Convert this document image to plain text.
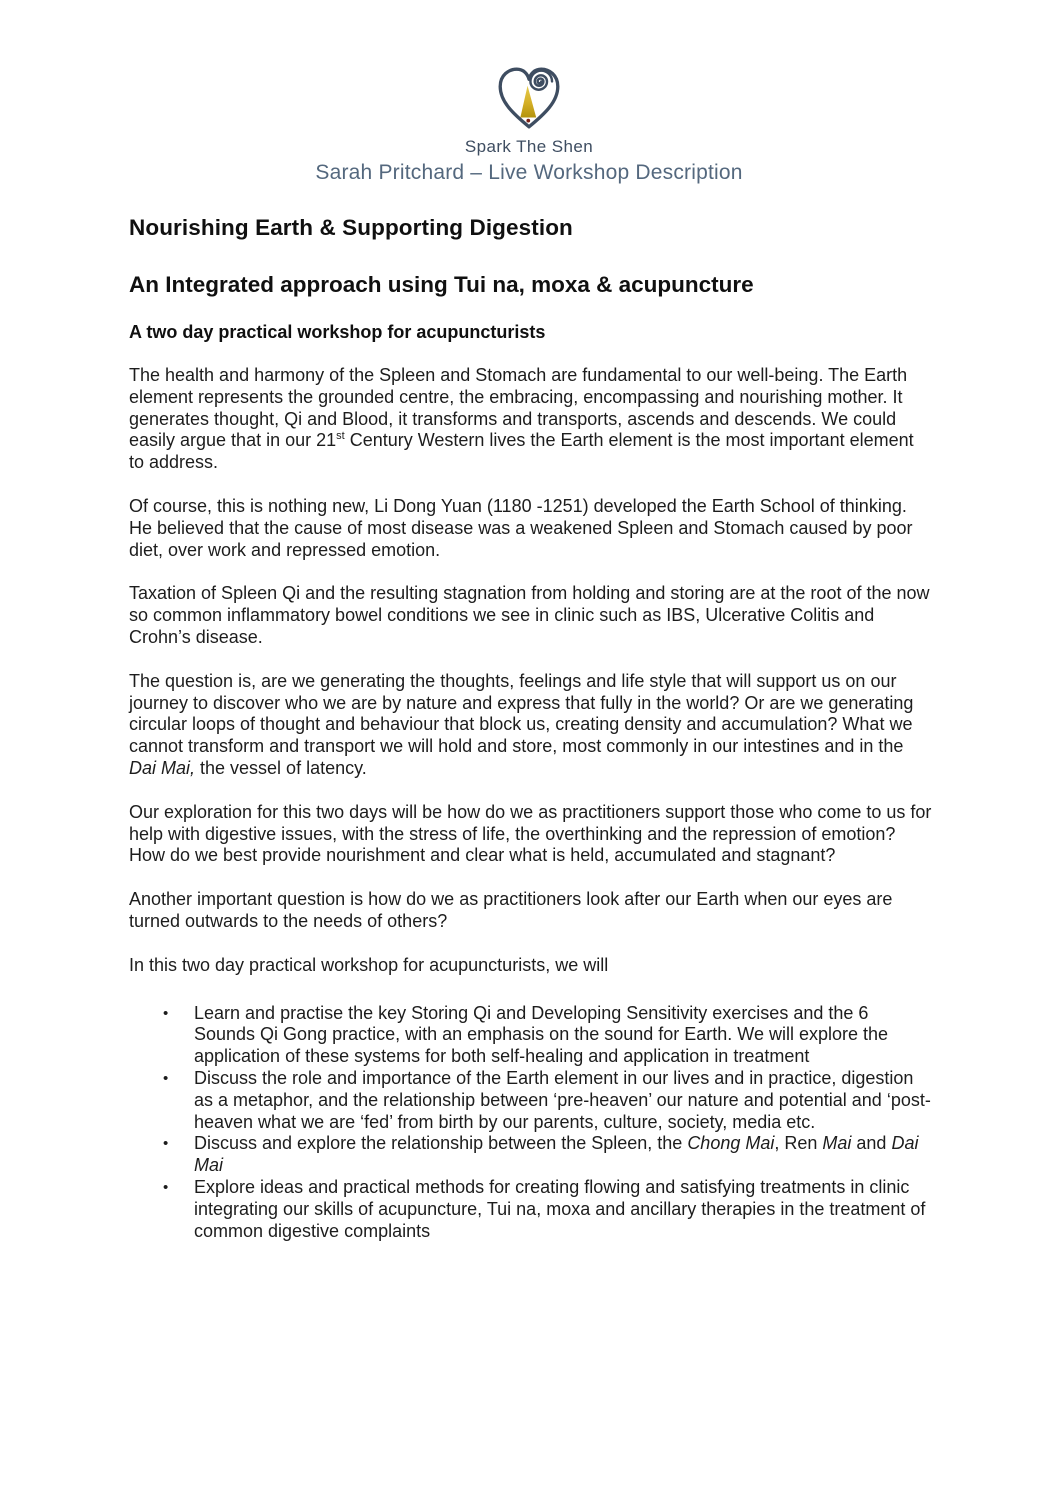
Spark The Shen
Sarah Pritchard – Live Workshop Description
Nourishing Earth & Supporting Digestion
An Integrated approach using Tui na, moxa & acupuncture
A two day practical workshop for acupuncturists

The health and harmony of the Spleen and Stomach are fundamental to our well-being. The Earth element represents the grounded centre, the embracing, encompassing and nourishing mother. It generates thought, Qi and Blood, it transforms and transports, ascends and descends. We could easily argue that in our 21st Century Western lives the Earth element is the most important element to address.

Of course, this is nothing new, Li Dong Yuan (1180 -1251) developed the Earth School of thinking.  He believed that the cause of most disease was a weakened Spleen and Stomach caused by poor diet, over work and repressed emotion.

Taxation of Spleen Qi and the resulting stagnation from holding and storing are at the root of the now so common inflammatory bowel conditions we see in clinic such as IBS, Ulcerative Colitis and Crohn’s disease.

The question is, are we generating the thoughts, feelings and life style that will support us on our journey to discover who we are by nature and express that fully in the world? Or are we generating circular loops of thought and behaviour that block us, creating density and accumulation? What we cannot transform and transport we will hold and store, most commonly in our intestines and in the Dai Mai, the vessel of latency.

Our exploration for this two days will be how do we as practitioners support those who come to us for help with digestive issues, with the stress of life, the overthinking and the repression of emotion? How do we best provide nourishment and clear what is held, accumulated and stagnant?

Another important question is how do we as practitioners look after our Earth when our eyes are turned outwards to the needs of others?

In this two day practical workshop for acupuncturists, we will

•	Learn and practise the key Storing Qi and Developing Sensitivity exercises and the 6 Sounds Qi Gong practice, with an emphasis on the sound for Earth. We will explore the application of these systems for both self-healing and application in treatment
•	Discuss the role and importance of the Earth element in our lives and in practice, digestion as a metaphor, and the relationship between ‘pre-heaven’ our nature and potential and ‘post-heaven what we are ‘fed’ from birth by our parents, culture, society, media etc.
•	Discuss and explore the relationship between the Spleen, the Chong Mai, Ren Mai and Dai Mai
•	Explore ideas and practical methods for creating flowing and satisfying treatments in clinic integrating our skills of acupuncture, Tui na, moxa and ancillary therapies in the treatment of common digestive complaints
